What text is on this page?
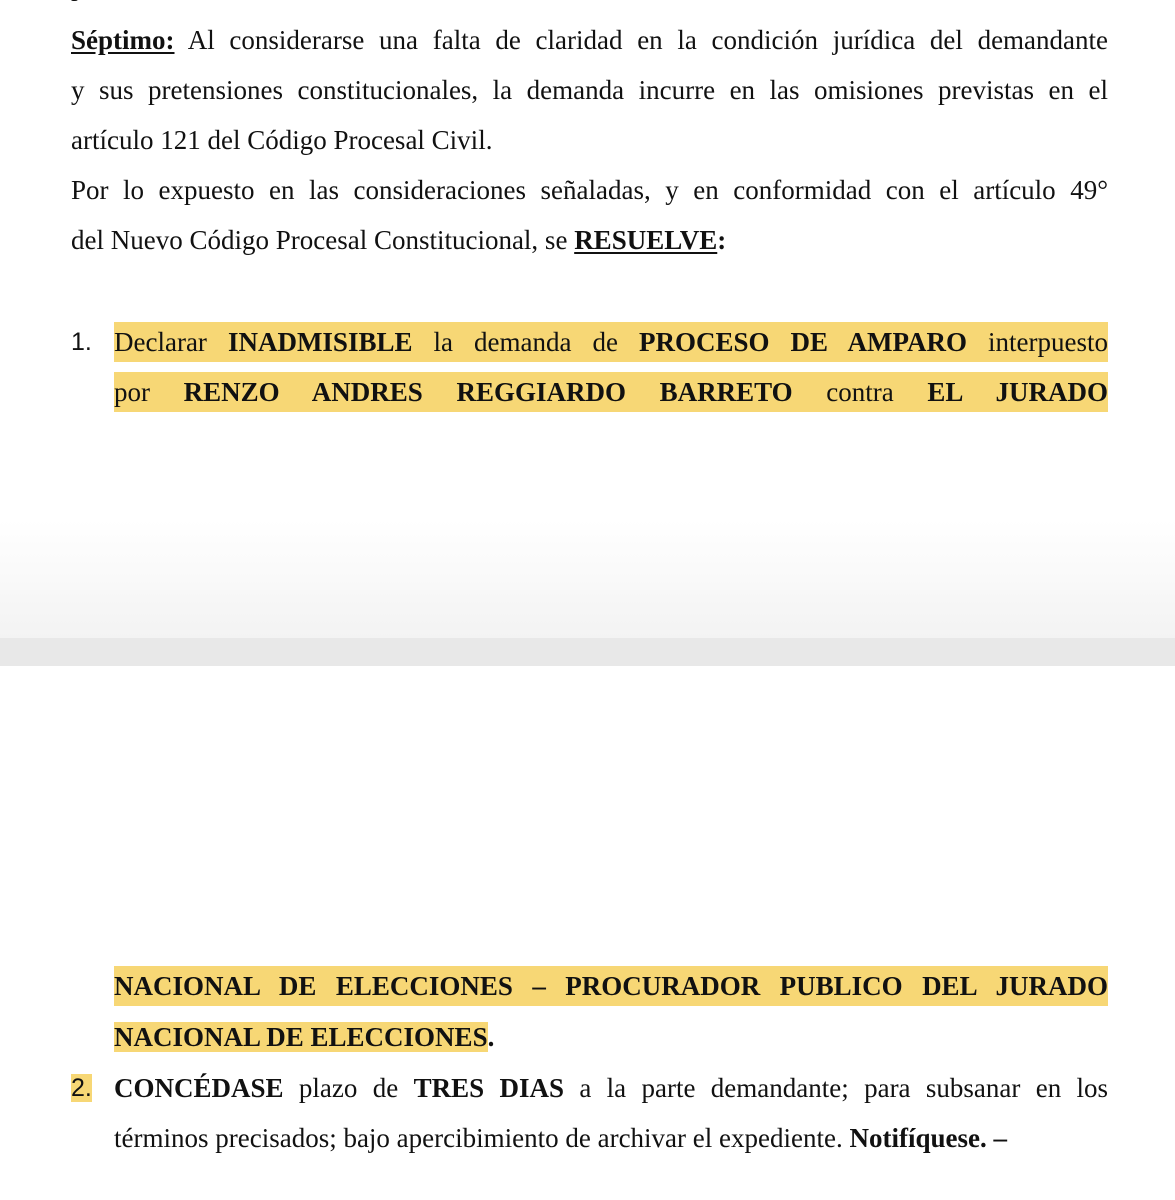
Séptimo: Al considerarse una falta de claridad en la condición jurídica del demandante
y sus pretensiones constitucionales, la demanda incurre en las omisiones previstas en el
artículo 121 del Código Procesal Civil.
Por lo expuesto en las consideraciones señaladas, y en conformidad con el artículo 49°
del Nuevo Código Procesal Constitucional, se RESUELVE:
1. Declarar INADMISIBLE la demanda de PROCESO DE AMPARO interpuesto
por RENZO ANDRES REGGIARDO BARRETO contra EL JURADO
NACIONAL DE ELECCIONES – PROCURADOR PUBLICO DEL JURADO
NACIONAL DE ELECCIONES.
2. CONCÉDASE plazo de TRES DIAS a la parte demandante; para subsanar en los
términos precisados; bajo apercibimiento de archivar el expediente. Notifíquese. –
